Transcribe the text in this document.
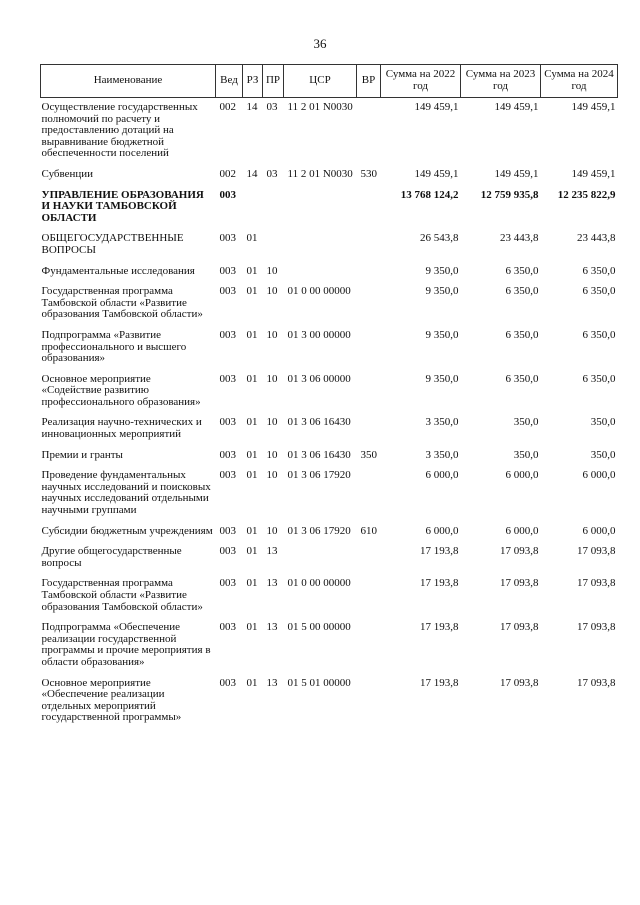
36
Наименование	Вед	РЗ	ПР	ЦСР	ВР	Сумма на 2022 год	Сумма на 2023 год	Сумма на 2024 год
Осуществление государственных полномочий по расчету и предоставлению дотаций на выравнивание бюджетной обеспеченности поселений	002	14	03	11 2 01 N0030		149 459,1	149 459,1	149 459,1
Субвенции	002	14	03	11 2 01 N0030	530	149 459,1	149 459,1	149 459,1
УПРАВЛЕНИЕ ОБРАЗОВАНИЯ И НАУКИ ТАМБОВСКОЙ ОБЛАСТИ	003					13 768 124,2	12 759 935,8	12 235 822,9
ОБЩЕГОСУДАРСТВЕННЫЕ ВОПРОСЫ	003	01				26 543,8	23 443,8	23 443,8
Фундаментальные исследования	003	01	10			9 350,0	6 350,0	6 350,0
Государственная программа Тамбовской области «Развитие образования Тамбовской области»	003	01	10	01 0 00 00000		9 350,0	6 350,0	6 350,0
Подпрограмма «Развитие профессионального и высшего образования»	003	01	10	01 3 00 00000		9 350,0	6 350,0	6 350,0
Основное мероприятие «Содействие развитию профессионального образования»	003	01	10	01 3 06 00000		9 350,0	6 350,0	6 350,0
Реализация научно-технических и инновационных мероприятий	003	01	10	01 3 06 16430		3 350,0	350,0	350,0
Премии и гранты	003	01	10	01 3 06 16430	350	3 350,0	350,0	350,0
Проведение фундаментальных научных исследований и поисковых научных исследований отдельными научными группами	003	01	10	01 3 06 17920		6 000,0	6 000,0	6 000,0
Субсидии бюджетным учреждениям	003	01	10	01 3 06 17920	610	6 000,0	6 000,0	6 000,0
Другие общегосударственные вопросы	003	01	13			17 193,8	17 093,8	17 093,8
Государственная программа Тамбовской области «Развитие образования Тамбовской области»	003	01	13	01 0 00 00000		17 193,8	17 093,8	17 093,8
Подпрограмма «Обеспечение реализации государственной программы и прочие мероприятия в области образования»	003	01	13	01 5 00 00000		17 193,8	17 093,8	17 093,8
Основное мероприятие «Обеспечение реализации отдельных мероприятий государственной программы»	003	01	13	01 5 01 00000		17 193,8	17 093,8	17 093,8
